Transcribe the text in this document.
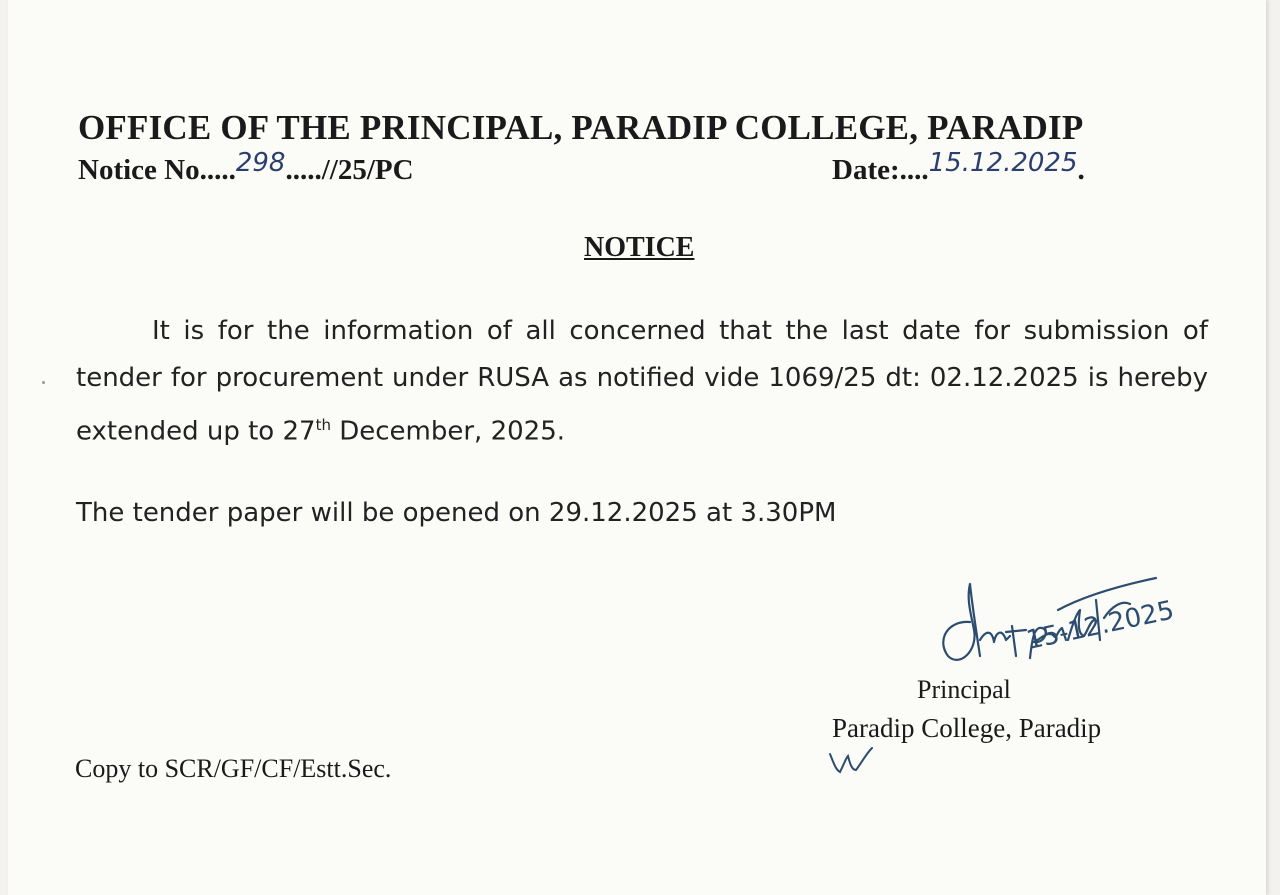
OFFICE OF THE PRINCIPAL, PARADIP COLLEGE, PARADIP
Notice No.....298.....//25/PC	Date:....15.12.2025.
NOTICE
It is for the information of all concerned that the last date for submission of tender for procurement under RUSA as notified vide 1069/25 dt: 02.12.2025 is hereby extended up to 27th December, 2025.
The tender paper will be opened on 29.12.2025 at 3.30PM
15-12.2025
Principal
Paradip College, Paradip
Copy to SCR/GF/CF/Estt.Sec.
